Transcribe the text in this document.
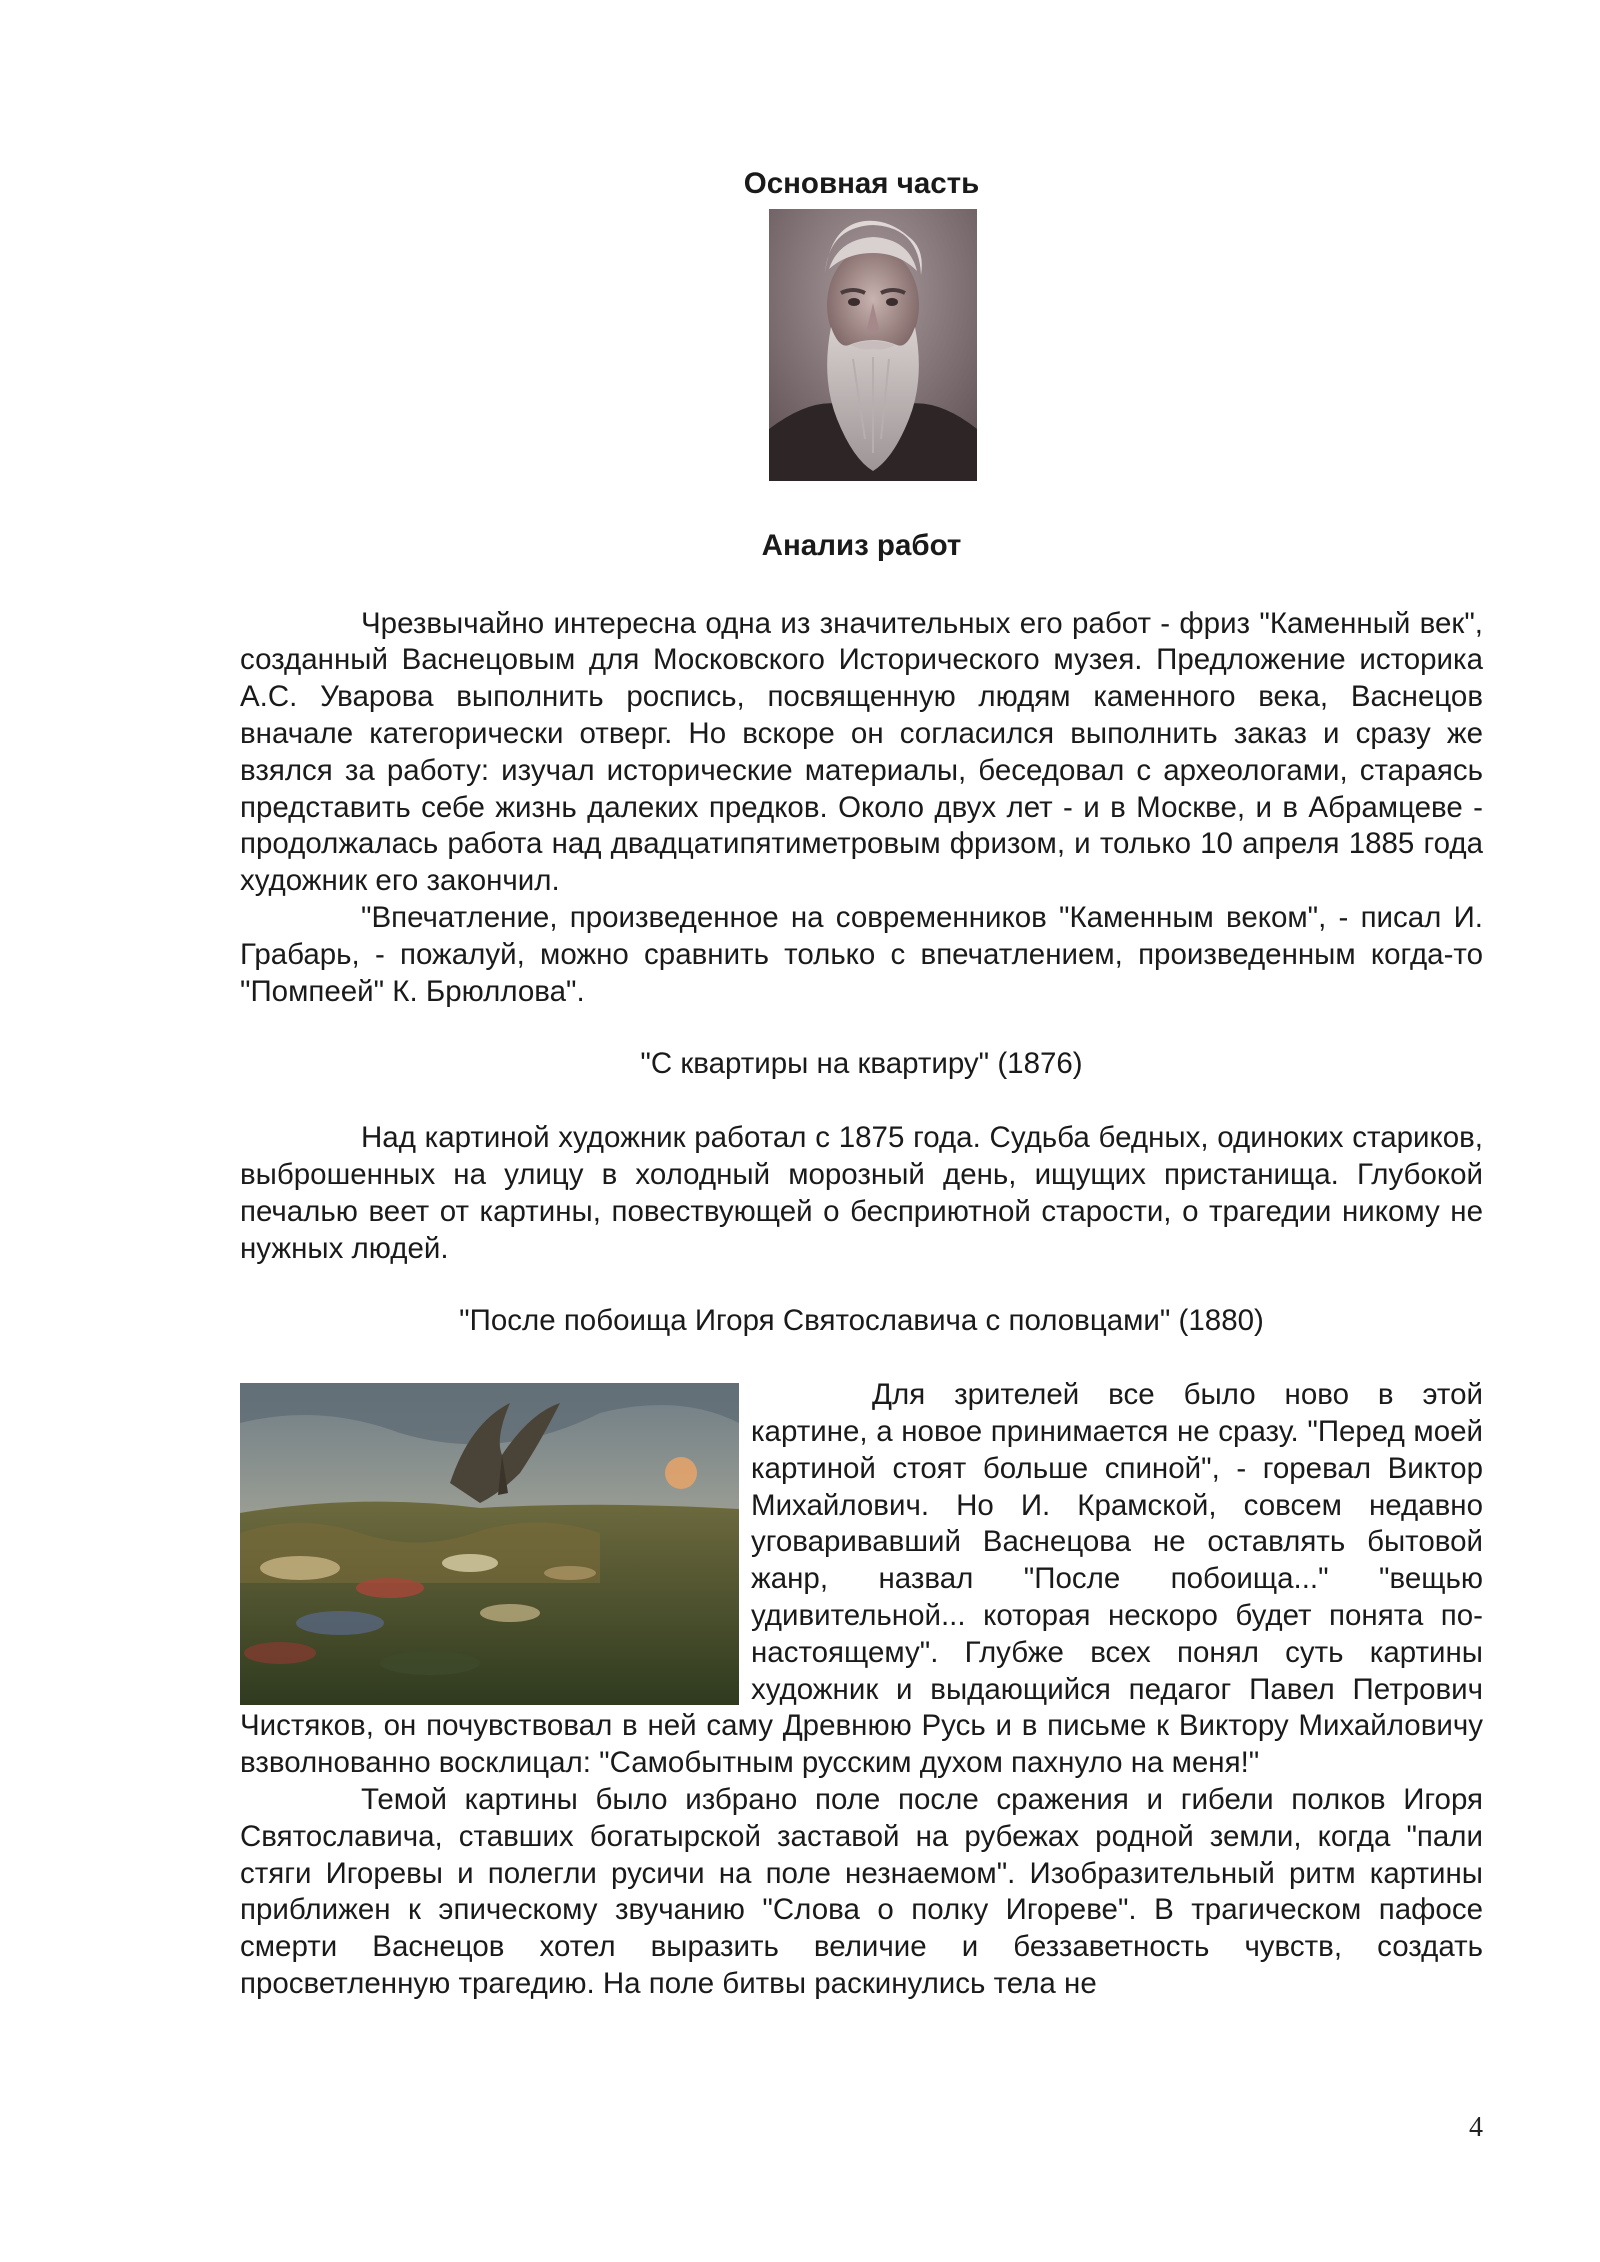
Основная часть
Анализ работ

Чрезвычайно интересна одна из значительных его работ - фриз "Каменный век", созданный Васнецовым для Московского Исторического музея. Предложение историка А.С. Уварова выполнить роспись, посвященную людям каменного века, Васнецов вначале категорически отверг. Но вскоре он согласился выполнить заказ и сразу же взялся за работу: изучал исторические материалы, беседовал с археологами, стараясь представить себе жизнь далеких предков. Около двух лет - и в Москве, и в Абрамцеве - продолжалась работа над двадцатипятиметровым фризом, и только 10 апреля 1885 года художник его закончил.

"Впечатление, произведенное на современников "Каменным веком", - писал И. Грабарь, - пожалуй, можно сравнить только с впечатлением, произведенным когда-то "Помпеей" К. Брюллова".

"С квартиры на квартиру" (1876)

Над картиной художник работал с 1875 года. Судьба бедных, одиноких стариков, выброшенных на улицу в холодный морозный день, ищущих пристанища. Глубокой печалью веет от картины, повествующей о бесприютной старости, о трагедии никому не нужных людей.

"После побоища Игоря Святославича с половцами" (1880)

Для зрителей все было ново в этой картине, а новое принимается не сразу. "Перед моей картиной стоят больше спиной", - горевал Виктор Михайлович. Но И. Крамской, совсем недавно уговаривавший Васнецова не оставлять бытовой жанр, назвал "После побоища..." "вещью удивительной... которая нескоро будет понята по-настоящему". Глубже всех понял суть картины художник и выдающийся педагог Павел Петрович Чистяков, он почувствовал в ней саму Древнюю Русь и в письме к Виктору Михайловичу взволнованно восклицал: "Самобытным русским духом пахнуло на меня!"

Темой картины было избрано поле после сражения и гибели полков Игоря Святославича, ставших богатырской заставой на рубежах родной земли, когда "пали стяги Игоревы и полегли русичи на поле незнаемом". Изобразительный ритм картины приближен к эпическому звучанию "Слова о полку Игореве". В трагическом пафосе смерти Васнецов хотел выразить величие и беззаветность чувств, создать просветленную трагедию. На поле битвы раскинулись тела не

4
